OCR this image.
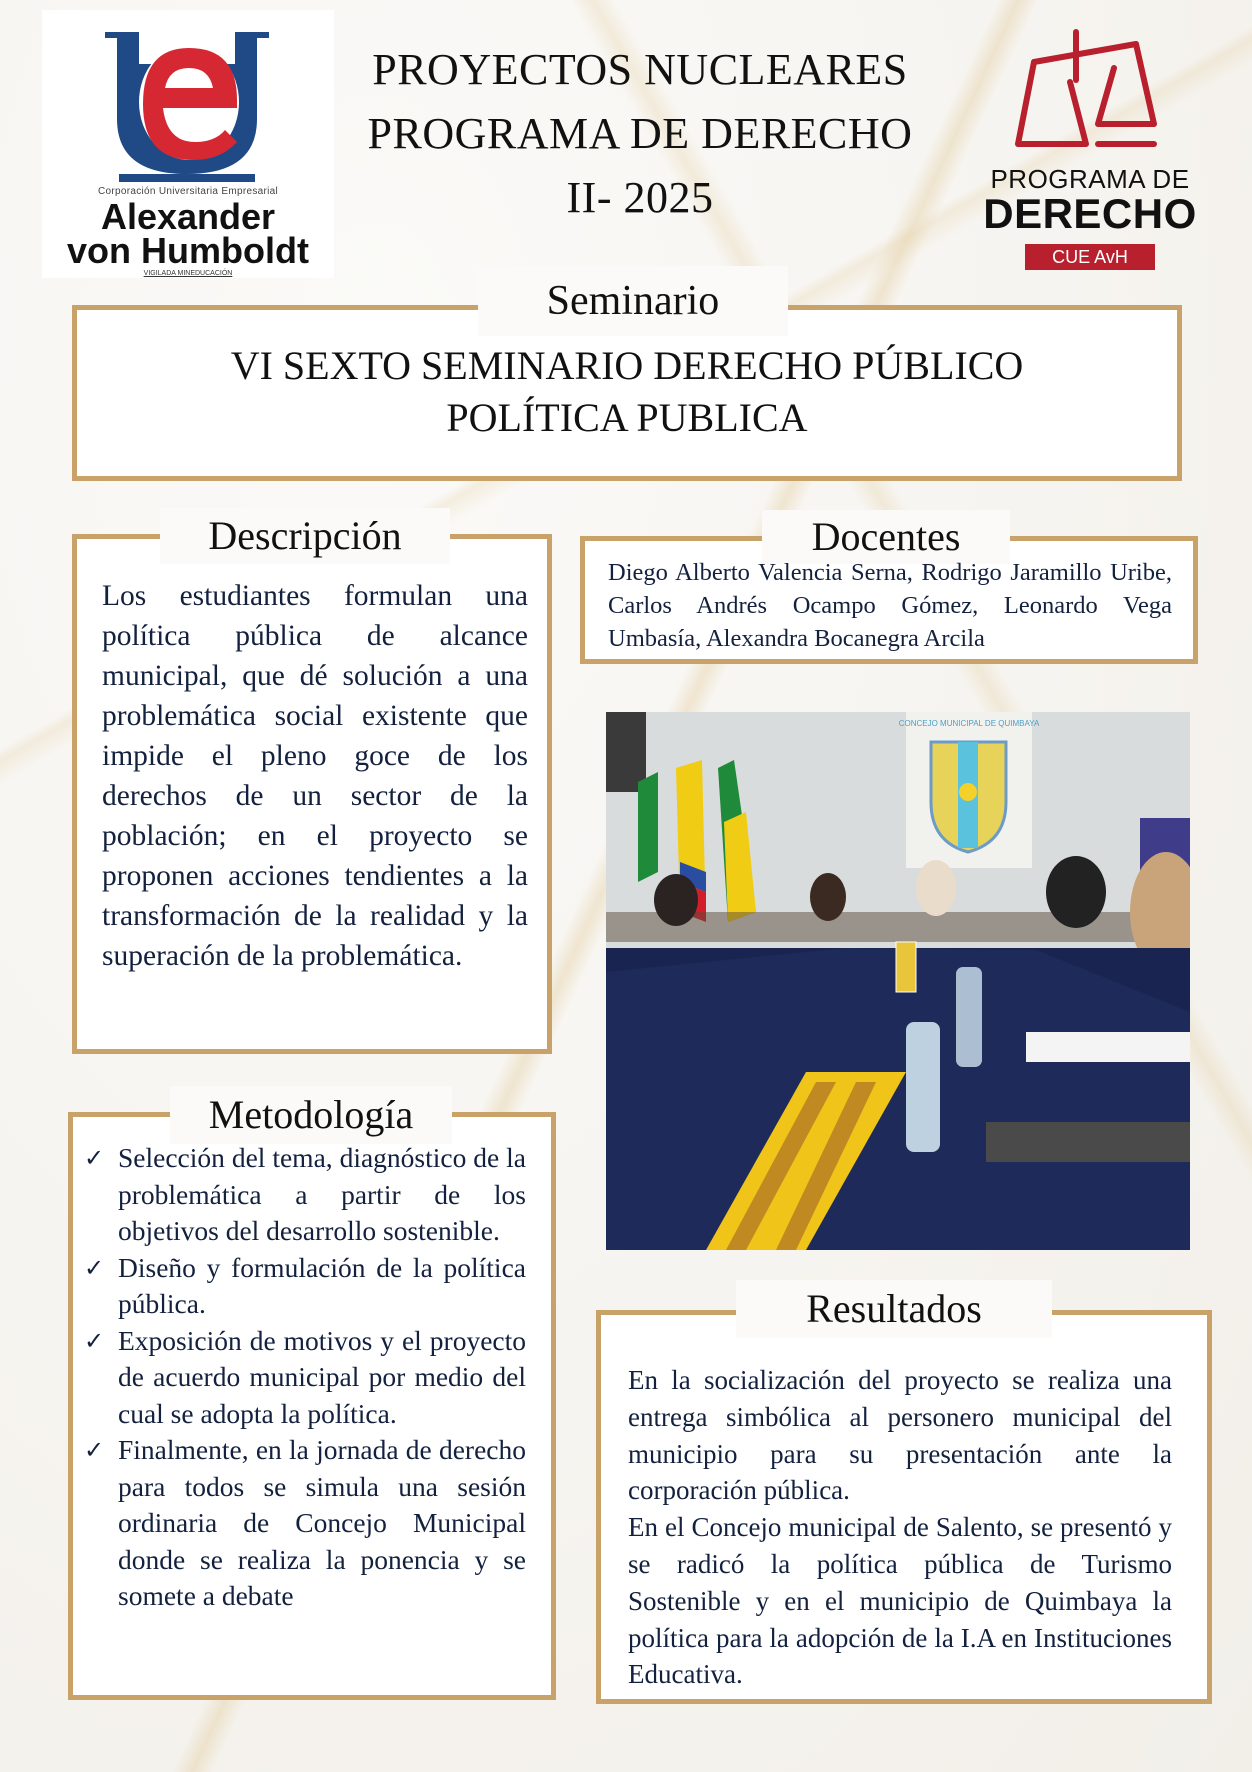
Corporación Universitaria Empresarial
Alexander
von Humboldt
VIGILADA MINEDUCACIÓN
PROYECTOS NUCLEARES
PROGRAMA DE DERECHO
II- 2025	PROGRAMA DE
DERECHO
CUE AvH
Seminario
VI SEXTO SEMINARIO DERECHO PÚBLICO
POLÍTICA PUBLICA
Descripción
Los estudiantes formulan una política pública de alcance municipal, que dé solución a una problemática social existente que impide el pleno goce de los derechos de un sector de la población; en el proyecto se proponen acciones tendientes a la transformación de la realidad y la superación de la problemática.
Docentes
Diego Alberto Valencia Serna, Rodrigo Jaramillo Uribe, Carlos Andrés Ocampo Gómez, Leonardo Vega Umbasía, Alexandra Bocanegra Arcila
CONCEJO MUNICIPAL DE QUIMBAYA
Metodología
✓ Selección del tema, diagnóstico de la problemática a partir de los objetivos del desarrollo sostenible.
✓ Diseño y formulación de la política pública.
✓ Exposición de motivos y el proyecto de acuerdo municipal por medio del cual se adopta la política.
✓ Finalmente, en la jornada de derecho para todos se simula una sesión ordinaria de Concejo Municipal donde se realiza la ponencia y se somete a debate
Resultados
En la socialización del proyecto se realiza una entrega simbólica al personero municipal del municipio para su presentación ante la corporación pública.
En el Concejo municipal de Salento, se presentó y se radicó la política pública de Turismo Sostenible y en el municipio de Quimbaya la política para la adopción de la I.A en Instituciones Educativa.
